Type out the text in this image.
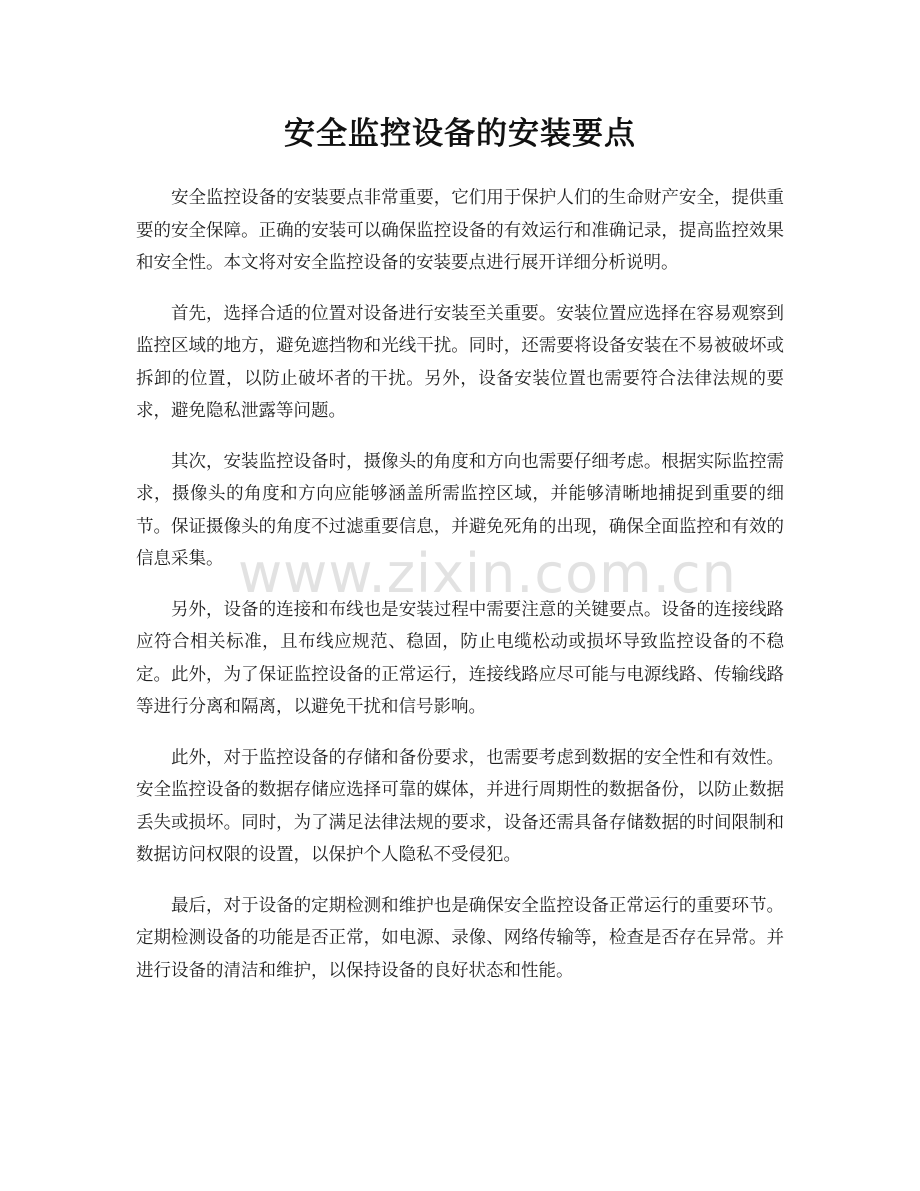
安全监控设备的安装要点

安全监控设备的安装要点非常重要，它们用于保护人们的生命财产安全，提供重要的安全保障。正确的安装可以确保监控设备的有效运行和准确记录，提高监控效果和安全性。本文将对安全监控设备的安装要点进行展开详细分析说明。

首先，选择合适的位置对设备进行安装至关重要。安装位置应选择在容易观察到监控区域的地方，避免遮挡物和光线干扰。同时，还需要将设备安装在不易被破坏或拆卸的位置，以防止破坏者的干扰。另外，设备安装位置也需要符合法律法规的要求，避免隐私泄露等问题。

其次，安装监控设备时，摄像头的角度和方向也需要仔细考虑。根据实际监控需求，摄像头的角度和方向应能够涵盖所需监控区域，并能够清晰地捕捉到重要的细节。保证摄像头的角度不过滤重要信息，并避免死角的出现，确保全面监控和有效的信息采集。

另外，设备的连接和布线也是安装过程中需要注意的关键要点。设备的连接线路应符合相关标准，且布线应规范、稳固，防止电缆松动或损坏导致监控设备的不稳定。此外，为了保证监控设备的正常运行，连接线路应尽可能与电源线路、传输线路等进行分离和隔离，以避免干扰和信号影响。

此外，对于监控设备的存储和备份要求，也需要考虑到数据的安全性和有效性。安全监控设备的数据存储应选择可靠的媒体，并进行周期性的数据备份，以防止数据丢失或损坏。同时，为了满足法律法规的要求，设备还需具备存储数据的时间限制和数据访问权限的设置，以保护个人隐私不受侵犯。

最后，对于设备的定期检测和维护也是确保安全监控设备正常运行的重要环节。定期检测设备的功能是否正常，如电源、录像、网络传输等，检查是否存在异常。并进行设备的清洁和维护，以保持设备的良好状态和性能。

www.zixin.com.cn
